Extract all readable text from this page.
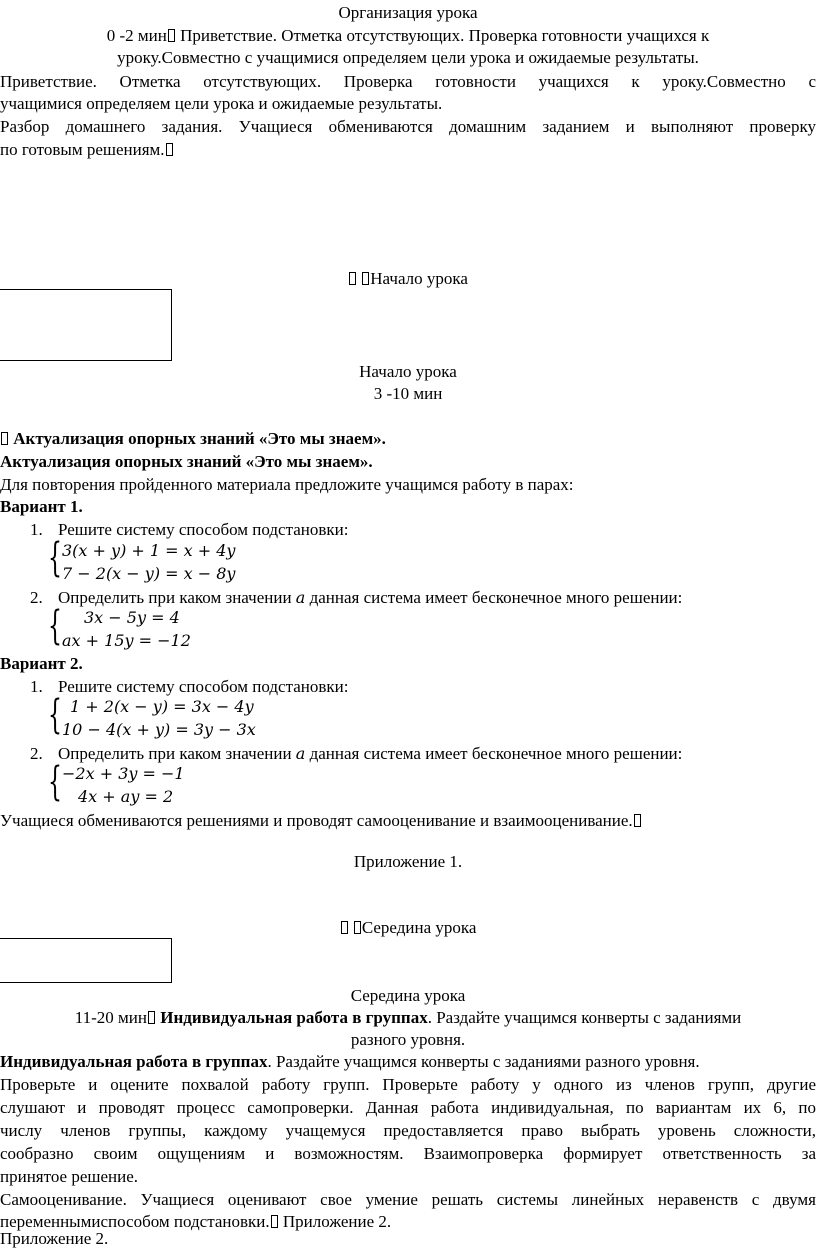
Организация урока
0 -2 мин Приветствие. Отметка отсутствующих. Проверка готовности учащихся к
уроку.Совместно с учащимися определяем цели урока и ожидаемые результаты.
Приветствие. Отметка отсутствующих. Проверка готовности учащихся к уроку.Совместно с
учащимися определяем цели урока и ожидаемые результаты.
Разбор домашнего задания. Учащиеся обмениваются домашним заданием и выполняют проверку
по готовым решениям.
Начало урока
Начало урока
3 -10 мин
Актуализация опорных знаний «Это мы знаем».
Актуализация опорных знаний «Это мы знаем».
Для повторения пройденного материала предложите учащимся работу в парах:
Вариант 1.
1. Решите систему способом подстановки:
{ 3(x + y) + 1 = x + 4y
7 − 2(x − y) = x − 8y
2. Определить при каком значении a данная система имеет бесконечное много решении:
{ 3x − 5y = 4
ax + 15y = −12
Вариант 2.
1. Решите систему способом подстановки:
{ 1 + 2(x − y) = 3x − 4y
10 − 4(x + y) = 3y − 3x
2. Определить при каком значении a данная система имеет бесконечное много решении:
{ −2x + 3y = −1
4x + ay = 2
Учащиеся обмениваются решениями и проводят самооценивание и взаимооценивание.
Приложение 1.
Середина урока
Середина урока
11-20 мин Индивидуальная работа в группах. Раздайте учащимся конверты с заданиями
разного уровня.
Индивидуальная работа в группах. Раздайте учащимся конверты с заданиями разного уровня.
Проверьте и оцените похвалой работу групп. Проверьте работу у одного из членов групп, другие
слушают и проводят процесс самопроверки. Данная работа индивидуальная, по вариантам их 6, по
числу членов группы, каждому учащемуся предоставляется право выбрать уровень сложности,
сообразно своим ощущениям и возможностям. Взаимопроверка формирует ответственность за
принятое решение.
Самооценивание. Учащиеся оценивают свое умение решать системы линейных неравенств с двумя
переменнымиспособом подстановки. Приложение 2.
Приложение 2.
